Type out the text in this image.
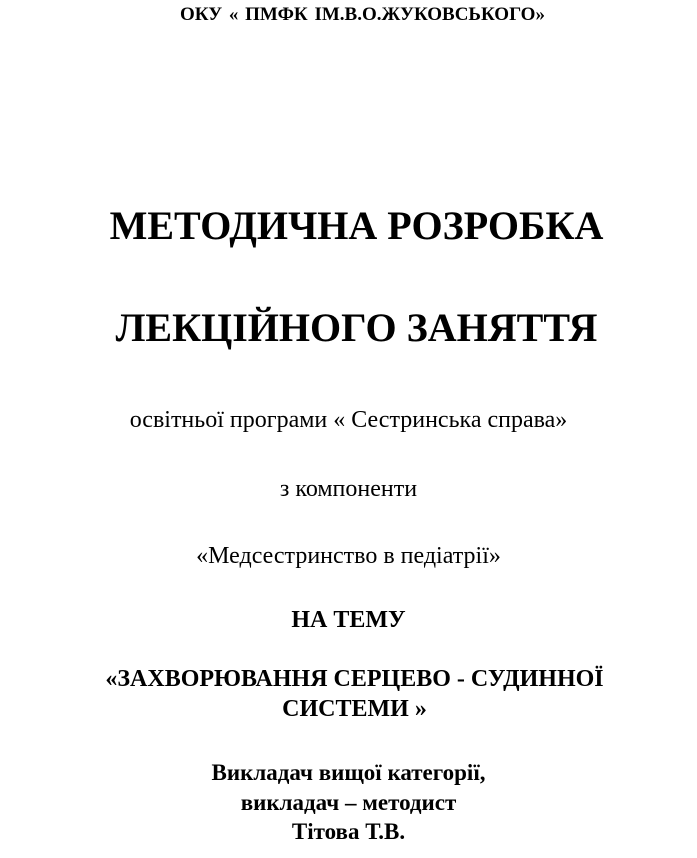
ОКУ « ПМФК ІМ.В.О.ЖУКОВСЬКОГО»
МЕТОДИЧНА РОЗРОБКА
ЛЕКЦІЙНОГО ЗАНЯТТЯ
освітньої програми « Сестринська справа»
з компоненти
«Медсестринство в педіатрії»
НА ТЕМУ
«ЗАХВОРЮВАННЯ СЕРЦЕВО - СУДИННОЇ
СИСТЕМИ »
Викладач вищої категорії,
викладач – методист
Тітова Т.В.
